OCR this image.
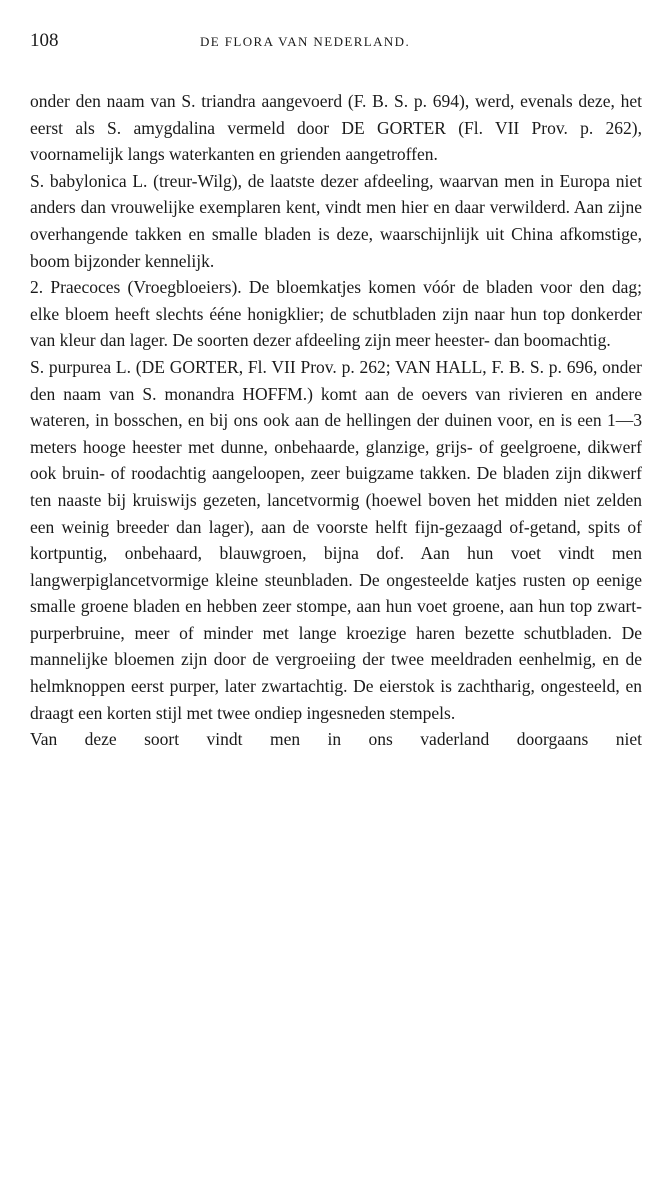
108	DE FLORA VAN NEDERLAND.

onder den naam van S. triandra aangevoerd (F. B. S. p. 694), werd, evenals deze, het eerst als S. amygdalina vermeld door DE GORTER (Fl. VII Prov. p. 262), voornamelijk langs waterkanten en grienden aangetroffen.

S. babylonica L. (treur-Wilg), de laatste dezer afdeeling, waarvan men in Europa niet anders dan vrouwelijke exemplaren kent, vindt men hier en daar verwilderd. Aan zijne overhangende takken en smalle bladen is deze, waarschijnlijk uit China afkomstige, boom bijzonder kennelijk.

2. Praecoces (Vroegbloeiers). De bloemkatjes komen vóór de bladen voor den dag; elke bloem heeft slechts ééne honigklier; de schutbladen zijn naar hun top donkerder van kleur dan lager. De soorten dezer afdeeling zijn meer heester- dan boomachtig.

S. purpurea L. (DE GORTER, Fl. VII Prov. p. 262; VAN HALL, F. B. S. p. 696, onder den naam van S. monandra HOFFM.) komt aan de oevers van rivieren en andere wateren, in bosschen, en bij ons ook aan de hellingen der duinen voor, en is een 1—3 meters hooge heester met dunne, onbehaarde, glanzige, grijs- of geelgroene, dikwerf ook bruin- of roodachtig aangeloopen, zeer buigzame takken. De bladen zijn dikwerf ten naaste bij kruiswijs gezeten, lancetvormig (hoewel boven het midden niet zelden een weinig breeder dan lager), aan de voorste helft fijn-gezaagd of-getand, spits of kortpuntig, onbehaard, blauwgroen, bijna dof. Aan hun voet vindt men langwerpiglancetvormige kleine steunbladen. De ongesteelde katjes rusten op eenige smalle groene bladen en hebben zeer stompe, aan hun voet groene, aan hun top zwart-purperbruine, meer of minder met lange kroezige haren bezette schutbladen. De mannelijke bloemen zijn door de vergroeiing der twee meeldraden eenhelmig, en de helmknoppen eerst purper, later zwartachtig. De eierstok is zachtharig, ongesteeld, en draagt een korten stijl met twee ondiep ingesneden stempels.

Van deze soort vindt men in ons vaderland doorgaans niet
